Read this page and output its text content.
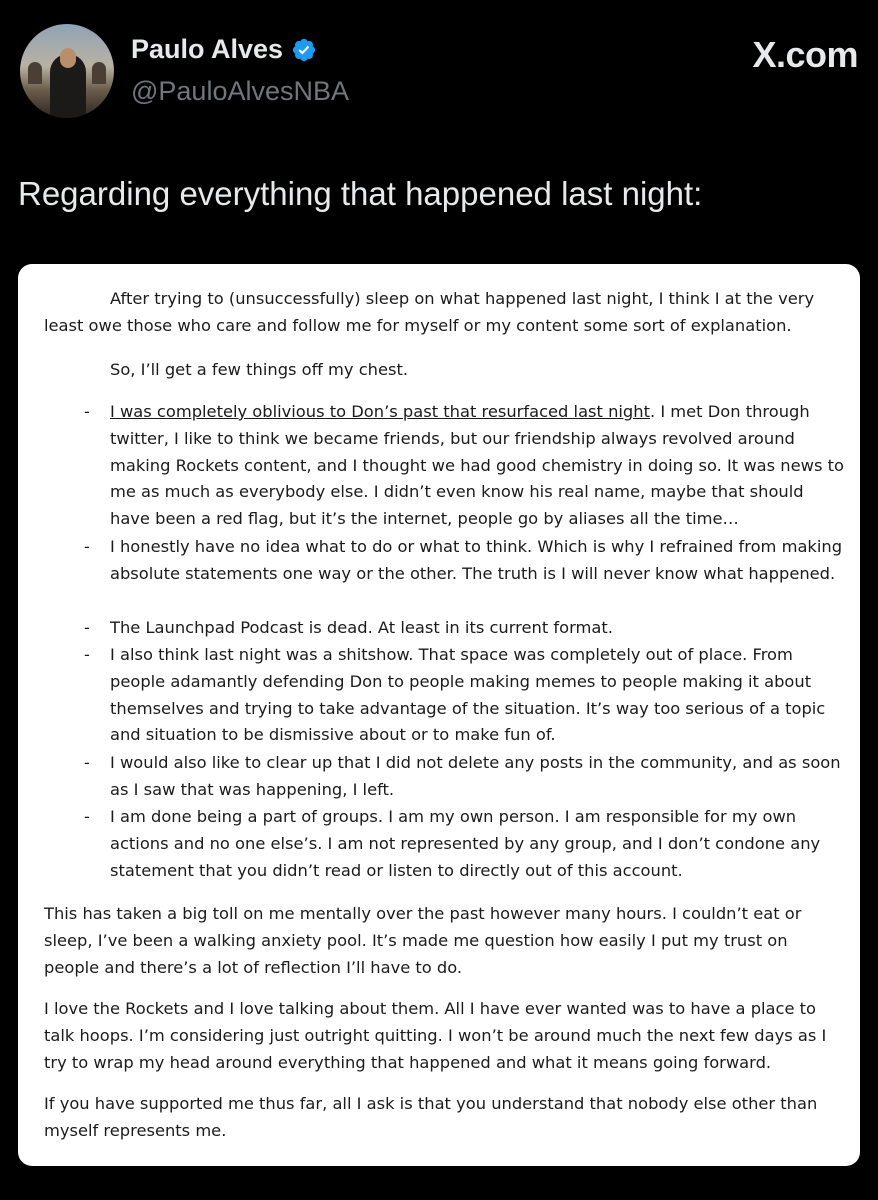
Paulo Alves
@PauloAlvesNBA
X.com
Regarding everything that happened last night:

After trying to (unsuccessfully) sleep on what happened last night, I think I at the very least owe those who care and follow me for myself or my content some sort of explanation.

So, I’ll get a few things off my chest.

- I was completely oblivious to Don’s past that resurfaced last night. I met Don through twitter, I like to think we became friends, but our friendship always revolved around making Rockets content, and I thought we had good chemistry in doing so. It was news to me as much as everybody else. I didn’t even know his real name, maybe that should have been a red flag, but it’s the internet, people go by aliases all the time…
- I honestly have no idea what to do or what to think. Which is why I refrained from making absolute statements one way or the other. The truth is I will never know what happened.
- The Launchpad Podcast is dead. At least in its current format.
- I also think last night was a shitshow. That space was completely out of place. From people adamantly defending Don to people making memes to people making it about themselves and trying to take advantage of the situation. It’s way too serious of a topic and situation to be dismissive about or to make fun of.
- I would also like to clear up that I did not delete any posts in the community, and as soon as I saw that was happening, I left.
- I am done being a part of groups. I am my own person. I am responsible for my own actions and no one else’s. I am not represented by any group, and I don’t condone any statement that you didn’t read or listen to directly out of this account.

This has taken a big toll on me mentally over the past however many hours. I couldn’t eat or sleep, I’ve been a walking anxiety pool. It’s made me question how easily I put my trust on people and there’s a lot of reflection I’ll have to do.

I love the Rockets and I love talking about them. All I have ever wanted was to have a place to talk hoops. I’m considering just outright quitting. I won’t be around much the next few days as I try to wrap my head around everything that happened and what it means going forward.

If you have supported me thus far, all I ask is that you understand that nobody else other than myself represents me.
